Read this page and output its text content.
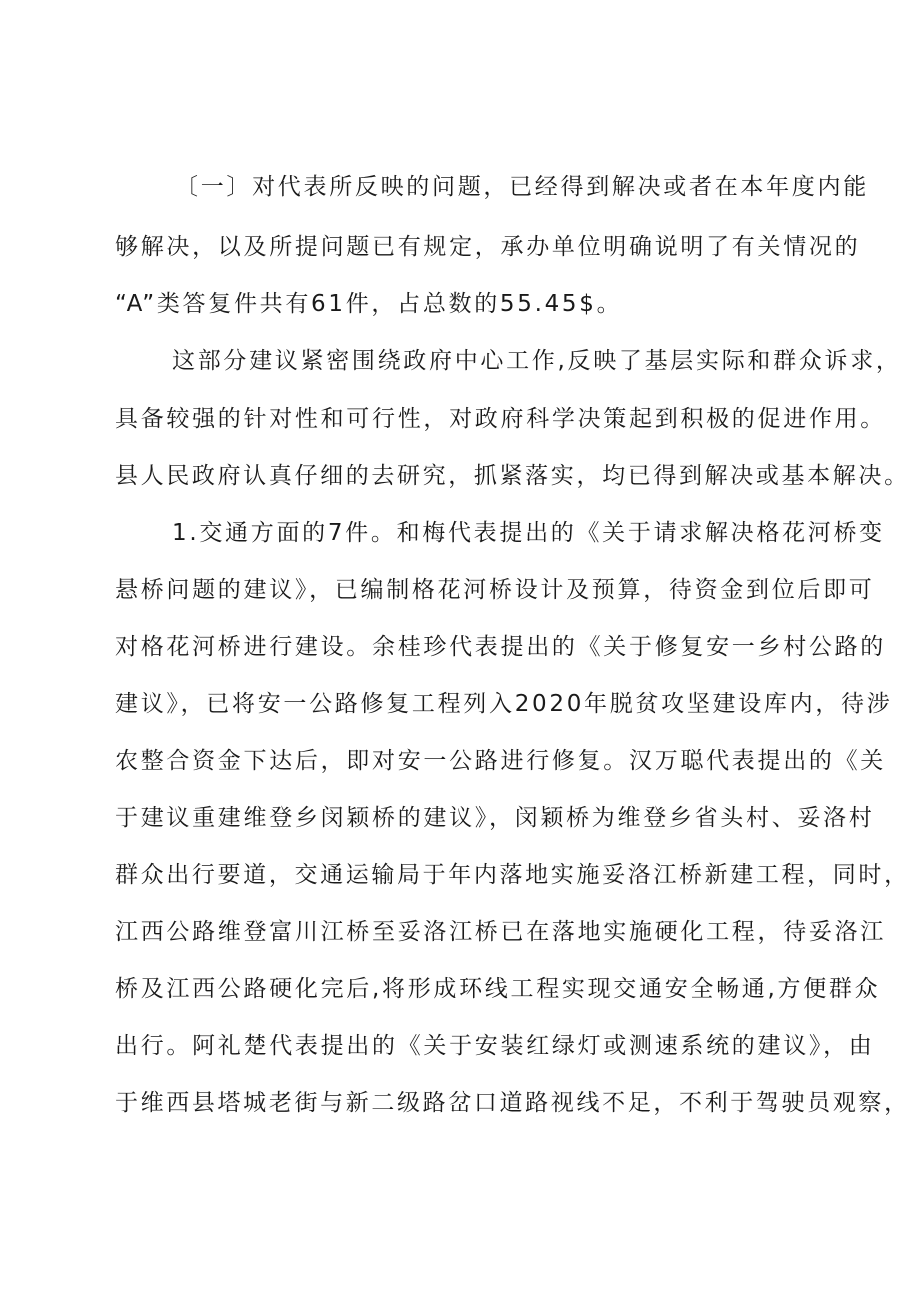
〔一〕对代表所反映的问题，已经得到解决或者在本年度内能
够解决，以及所提问题已有规定，承办单位明确说明了有关情况的
“A”类答复件共有61件，占总数的55.45$。
这部分建议紧密围绕政府中心工作,反映了基层实际和群众诉求，
具备较强的针对性和可行性，对政府科学决策起到积极的促进作用。
县人民政府认真仔细的去研究，抓紧落实，均已得到解决或基本解决。
1.交通方面的7件。和梅代表提出的《关于请求解决格花河桥变
悬桥问题的建议》，已编制格花河桥设计及预算，待资金到位后即可
对格花河桥进行建设。余桂珍代表提出的《关于修复安一乡村公路的
建议》，已将安一公路修复工程列入2020年脱贫攻坚建设库内，待涉
农整合资金下达后，即对安一公路进行修复。汉万聪代表提出的《关
于建议重建维登乡闵颖桥的建议》，闵颖桥为维登乡省头村、妥洛村
群众出行要道，交通运输局于年内落地实施妥洛江桥新建工程，同时，
江西公路维登富川江桥至妥洛江桥已在落地实施硬化工程，待妥洛江
桥及江西公路硬化完后,将形成环线工程实现交通安全畅通,方便群众
出行。阿礼楚代表提出的《关于安装红绿灯或测速系统的建议》，由
于维西县塔城老街与新二级路岔口道路视线不足，不利于驾驶员观察，
